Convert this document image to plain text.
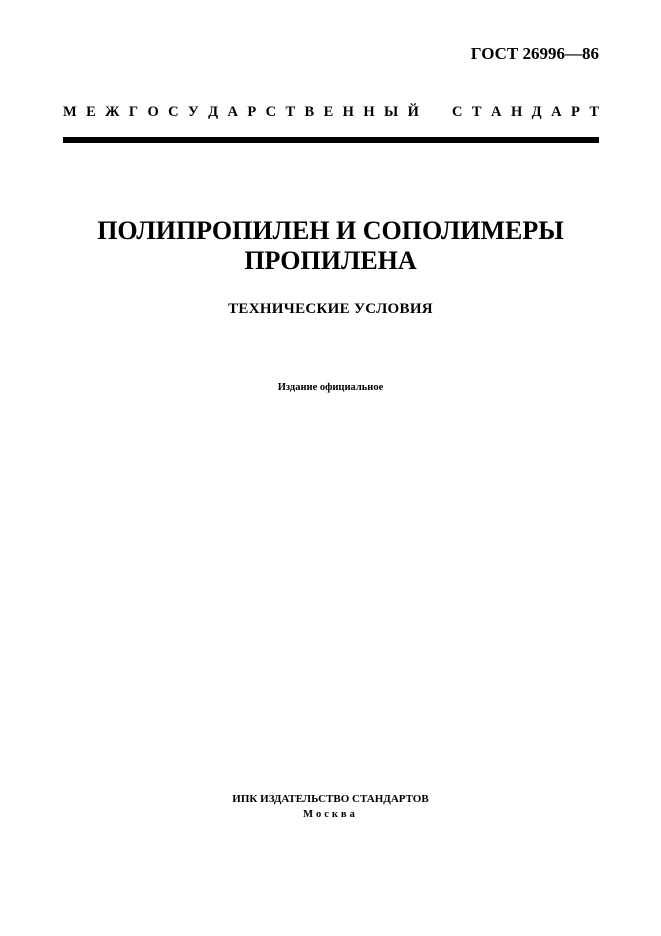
ГОСТ 26996—86
М Е Ж Г О С У Д А Р С Т В Е Н Н Ы Й С Т А Н Д А Р Т
ПОЛИПРОПИЛЕН И СОПОЛИМЕРЫ
ПРОПИЛЕНА
ТЕХНИЧЕСКИЕ УСЛОВИЯ
Издание официальное
ИПК ИЗДАТЕЛЬСТВО СТАНДАРТОВ
Москва
